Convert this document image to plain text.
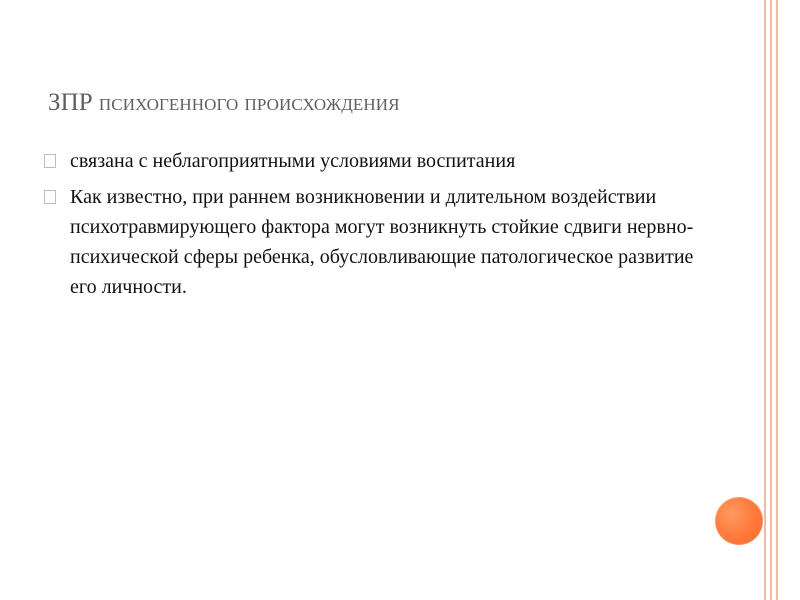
ЗПР психогенного происхождения
связана с неблагоприятными условиями воспитания
Как известно, при раннем возникновении и длительном воздействии психотравмирующего фактора могут возникнуть стойкие сдвиги нервно-психической сферы ребенка, обусловливающие патологическое развитие его личности.
